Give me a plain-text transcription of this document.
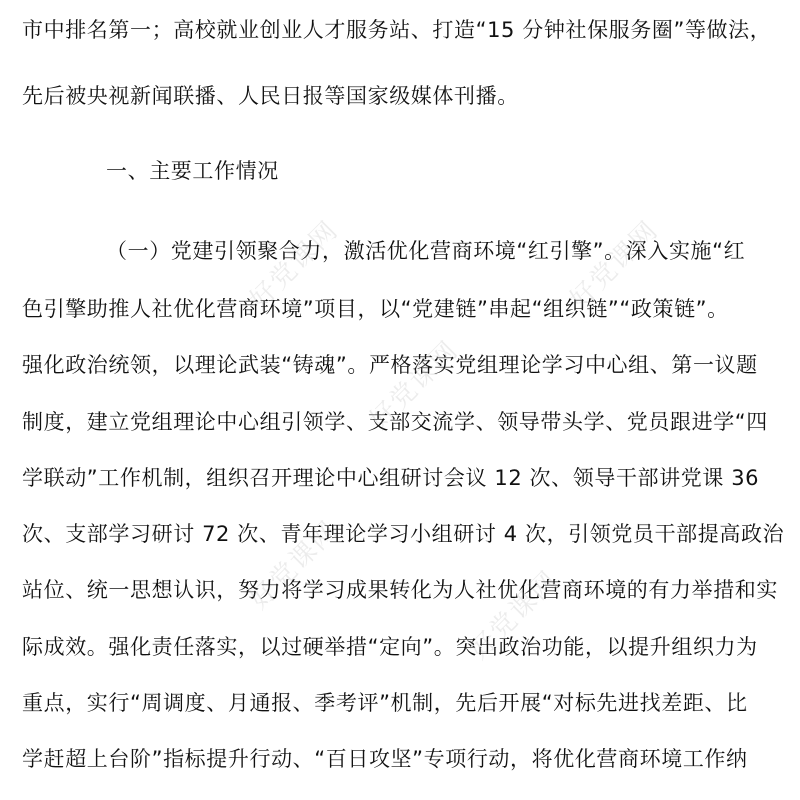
市中排名第一；高校就业创业人才服务站、打造“15 分钟社保服务圈”等做法，
先后被央视新闻联播、人民日报等国家级媒体刊播。
一、主要工作情况
（一）党建引领聚合力，激活优化营商环境“红引擎”。深入实施“红
色引擎助推人社优化营商环境”项目，以“党建链”串起“组织链”“政策链”。
强化政治统领，以理论武装“铸魂”。严格落实党组理论学习中心组、第一议题
制度，建立党组理论中心组引领学、支部交流学、领导带头学、党员跟进学“四
学联动”工作机制，组织召开理论中心组研讨会议 12 次、领导干部讲党课 36
次、支部学习研讨 72 次、青年理论学习小组研讨 4 次，引领党员干部提高政治
站位、统一思想认识，努力将学习成果转化为人社优化营商环境的有力举措和实
际成效。强化责任落实，以过硬举措“定向”。突出政治功能，以提升组织力为
重点，实行“周调度、月通报、季考评”机制，先后开展“对标先进找差距、比
学赶超上台阶”指标提升行动、“百日攻坚”专项行动，将优化营商环境工作纳
好党课网	好党课网
好党课网
好党课网	好党课网
